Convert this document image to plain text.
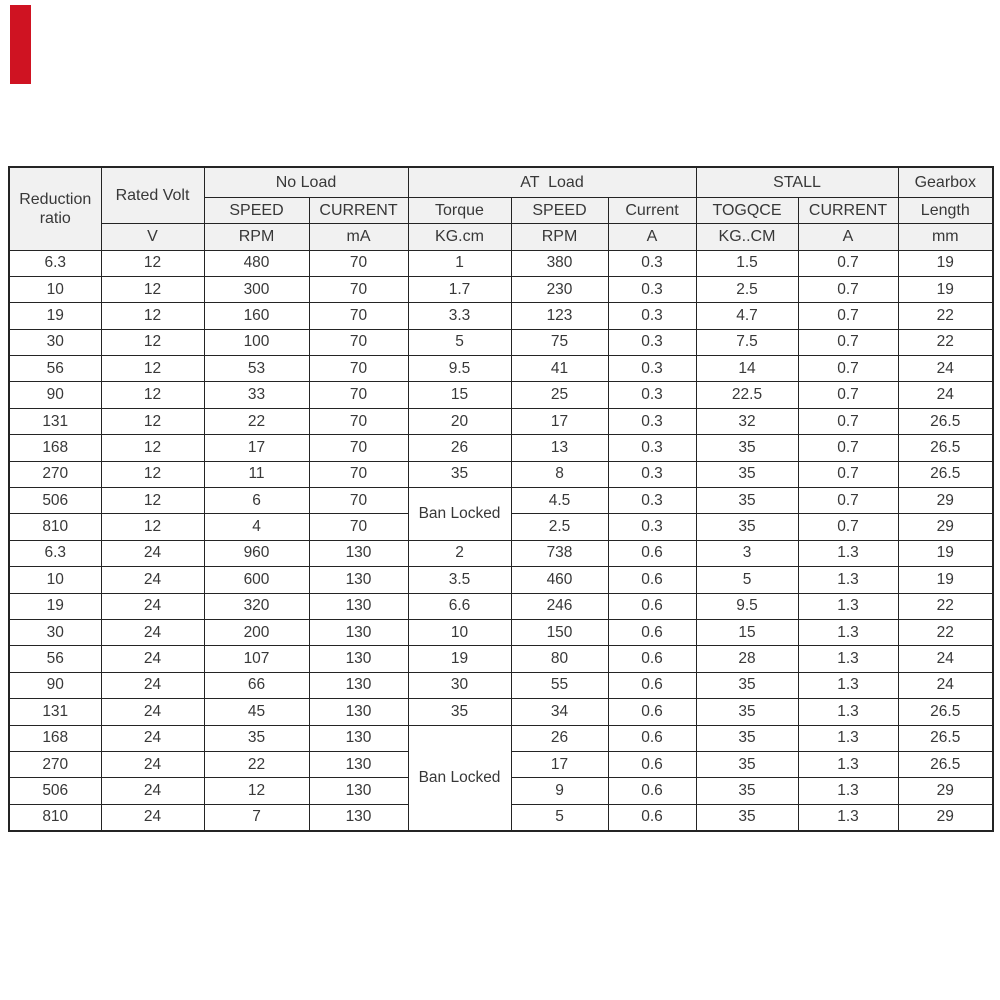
Reduction ratio	Rated Volt	No Load		AT  Load			STALL		Gearbox
		SPEED	CURRENT	Torque	SPEED	Current	TOGQCE	CURRENT	Length
	V	RPM	mA	KG.cm	RPM	A	KG..CM	A	mm
6.3	12	480	70	1	380	0.3	1.5	0.7	19
10	12	300	70	1.7	230	0.3	2.5	0.7	19
19	12	160	70	3.3	123	0.3	4.7	0.7	22
30	12	100	70	5	75	0.3	7.5	0.7	22
56	12	53	70	9.5	41	0.3	14	0.7	24
90	12	33	70	15	25	0.3	22.5	0.7	24
131	12	22	70	20	17	0.3	32	0.7	26.5
168	12	17	70	26	13	0.3	35	0.7	26.5
270	12	11	70	35	8	0.3	35	0.7	26.5
506	12	6	70	Ban Locked	4.5	0.3	35	0.7	29
810	12	4	70		2.5	0.3	35	0.7	29
6.3	24	960	130	2	738	0.6	3	1.3	19
10	24	600	130	3.5	460	0.6	5	1.3	19
19	24	320	130	6.6	246	0.6	9.5	1.3	22
30	24	200	130	10	150	0.6	15	1.3	22
56	24	107	130	19	80	0.6	28	1.3	24
90	24	66	130	30	55	0.6	35	1.3	24
131	24	45	130	35	34	0.6	35	1.3	26.5
168	24	35	130	Ban Locked	26	0.6	35	1.3	26.5
270	24	22	130		17	0.6	35	1.3	26.5
506	24	12	130		9	0.6	35	1.3	29
810	24	7	130		5	0.6	35	1.3	29
